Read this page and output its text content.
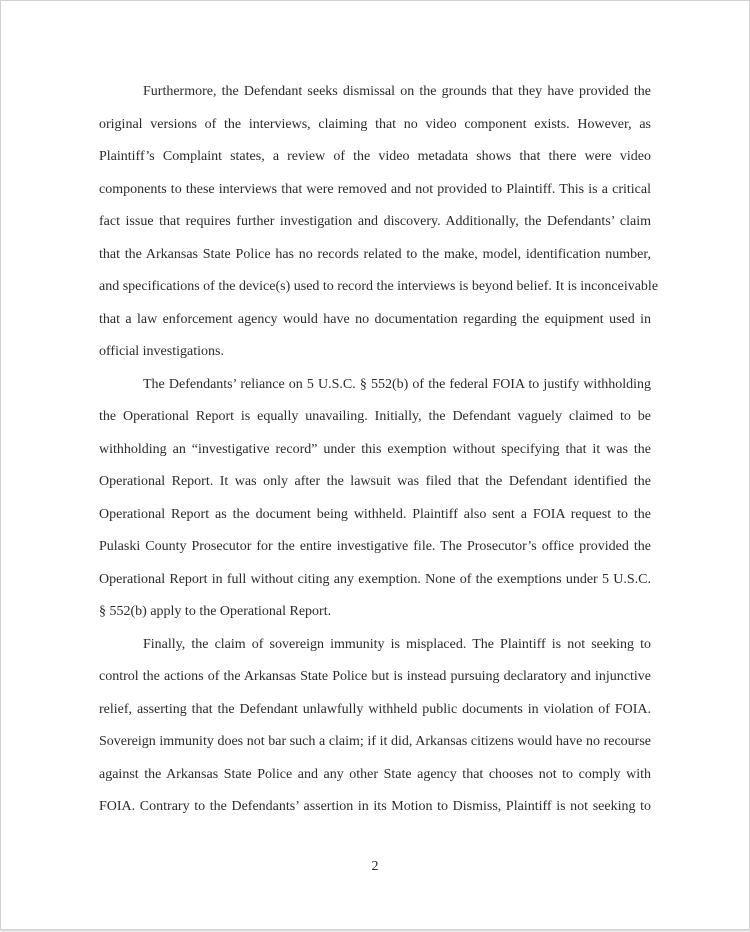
Furthermore, the Defendant seeks dismissal on the grounds that they have provided the
original versions of the interviews, claiming that no video component exists. However, as
Plaintiff’s Complaint states, a review of the video metadata shows that there were video
components to these interviews that were removed and not provided to Plaintiff. This is a critical
fact issue that requires further investigation and discovery. Additionally, the Defendants’ claim
that the Arkansas State Police has no records related to the make, model, identification number,
and specifications of the device(s) used to record the interviews is beyond belief. It is inconceivable
that a law enforcement agency would have no documentation regarding the equipment used in
official investigations.
The Defendants’ reliance on 5 U.S.C. § 552(b) of the federal FOIA to justify withholding
the Operational Report is equally unavailing. Initially, the Defendant vaguely claimed to be
withholding an “investigative record” under this exemption without specifying that it was the
Operational Report. It was only after the lawsuit was filed that the Defendant identified the
Operational Report as the document being withheld. Plaintiff also sent a FOIA request to the
Pulaski County Prosecutor for the entire investigative file. The Prosecutor’s office provided the
Operational Report in full without citing any exemption. None of the exemptions under 5 U.S.C.
§ 552(b) apply to the Operational Report.
Finally, the claim of sovereign immunity is misplaced. The Plaintiff is not seeking to
control the actions of the Arkansas State Police but is instead pursuing declaratory and injunctive
relief, asserting that the Defendant unlawfully withheld public documents in violation of FOIA.
Sovereign immunity does not bar such a claim; if it did, Arkansas citizens would have no recourse
against the Arkansas State Police and any other State agency that chooses not to comply with
FOIA. Contrary to the Defendants’ assertion in its Motion to Dismiss, Plaintiff is not seeking to
2
